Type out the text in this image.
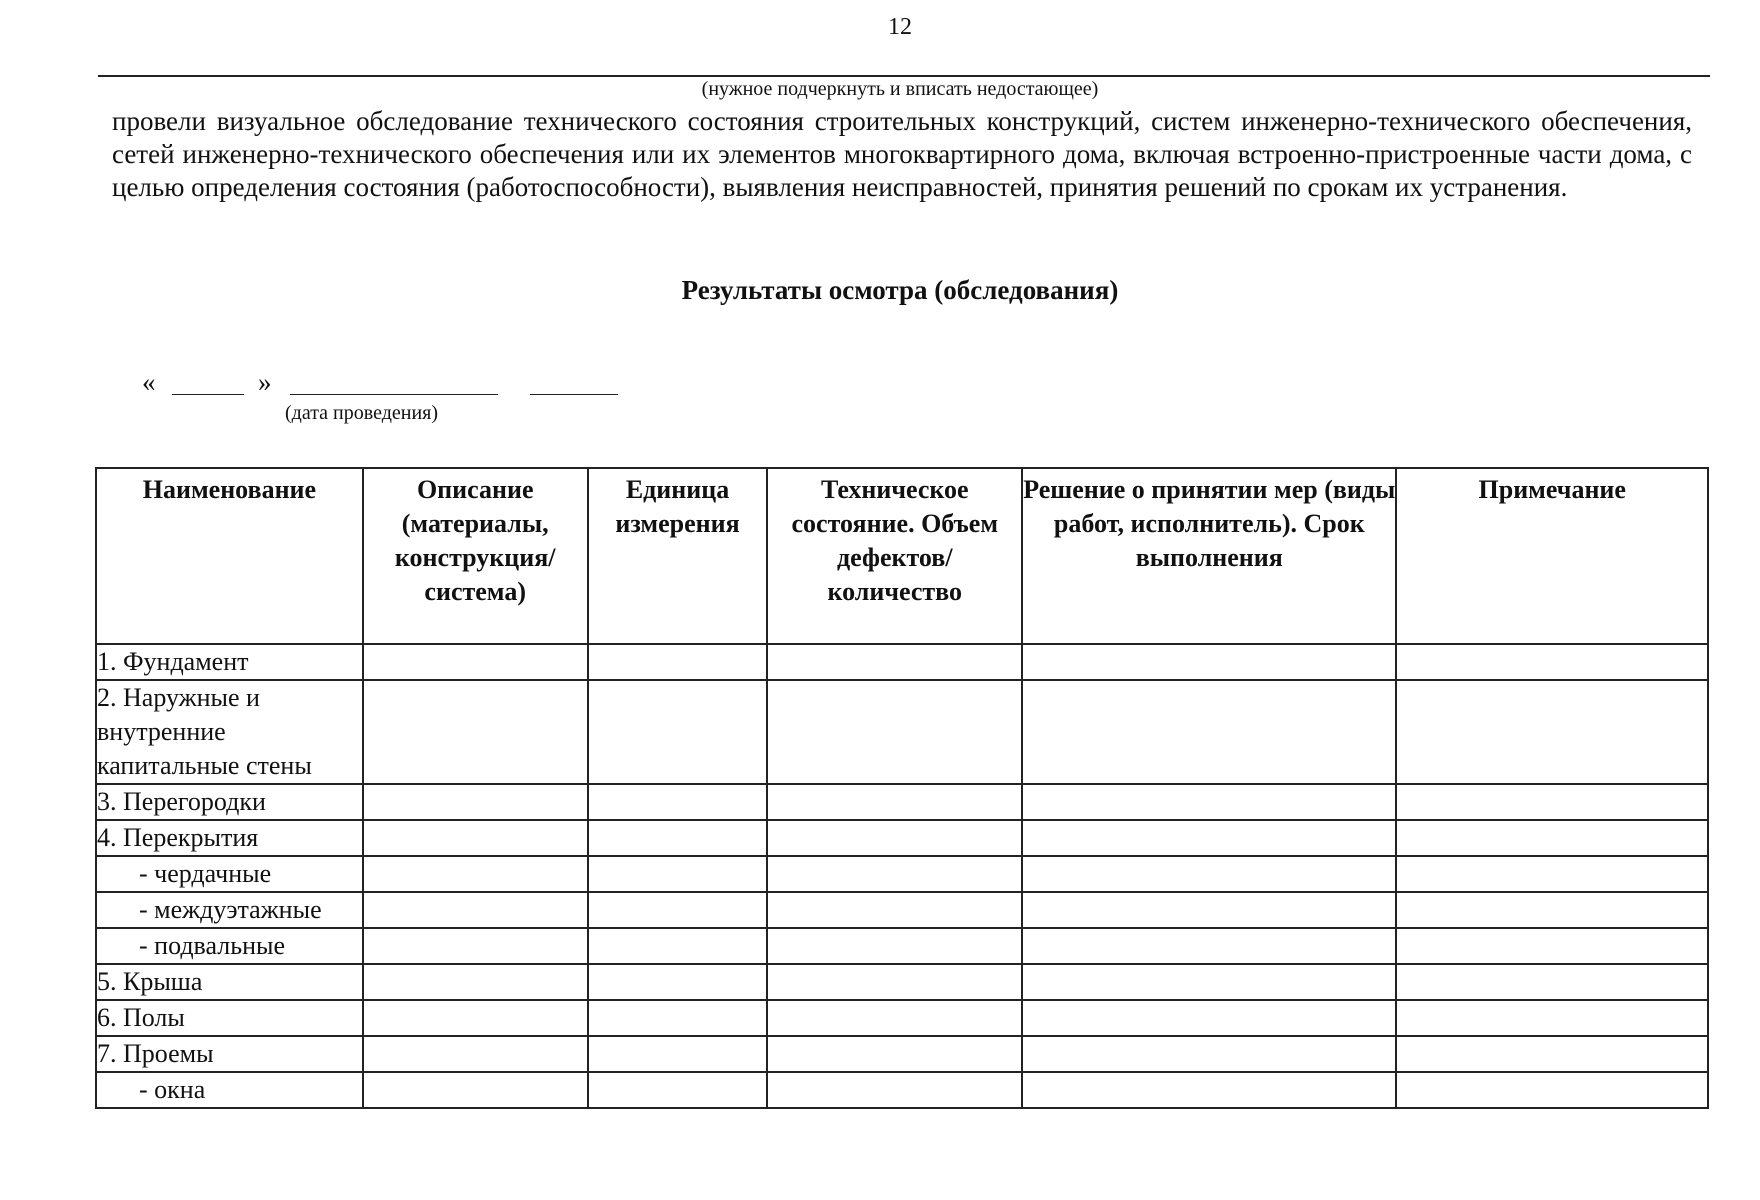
12
(нужное подчеркнуть и вписать недостающее)
провели визуальное обследование технического состояния строительных конструкций, систем инженерно-технического обеспечения, сетей инженерно-технического обеспечения или их элементов многоквартирного дома, включая встроенно-пристроенные части дома, с целью определения состояния (работоспособности), выявления неисправностей, принятия решений по срокам их устранения.
Результаты осмотра (обследования)
«	»
(дата проведения)
Наименование	Описание (материалы, конструкция/ система)	Единица измерения	Техническое состояние. Объем дефектов/ количество	Решение о принятии мер (виды работ, исполнитель). Срок выполнения	Примечание
1. Фундамент					
2. Наружные и внутренние капитальные стены					
3. Перегородки					
4. Перекрытия					
- чердачные					
- междуэтажные					
- подвальные					
5. Крыша					
6. Полы					
7. Проемы					
- окна					
